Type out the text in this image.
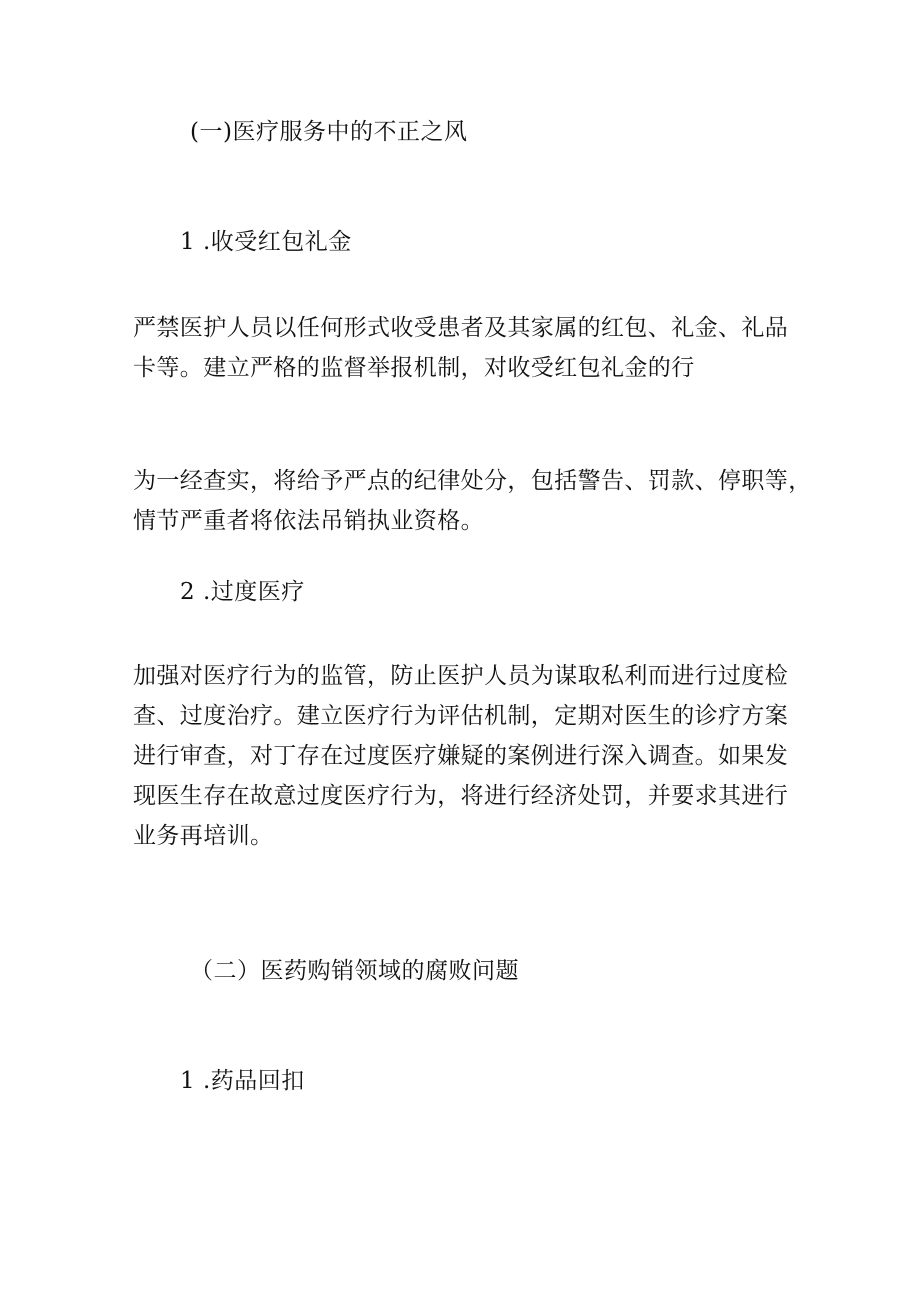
(一)医疗服务中的不正之风
1 .收受红包礼金
严禁医护人员以任何形式收受患者及其家属的红包、礼金、礼品
卡等。建立严格的监督举报机制，对收受红包礼金的行
为一经查实，将给予严点的纪律处分，包括警告、罚款、停职等，
情节严重者将依法吊销执业资格。
2 .过度医疗
加强对医疗行为的监管，防止医护人员为谋取私利而进行过度检
查、过度治疗。建立医疗行为评估机制，定期对医生的诊疗方案
进行审查，对丁存在过度医疗嫌疑的案例进行深入调查。如果发
现医生存在故意过度医疗行为，将进行经济处罚，并要求其进行
业务再培训。
（二）医药购销领域的腐败问题
1 .药品回扣
